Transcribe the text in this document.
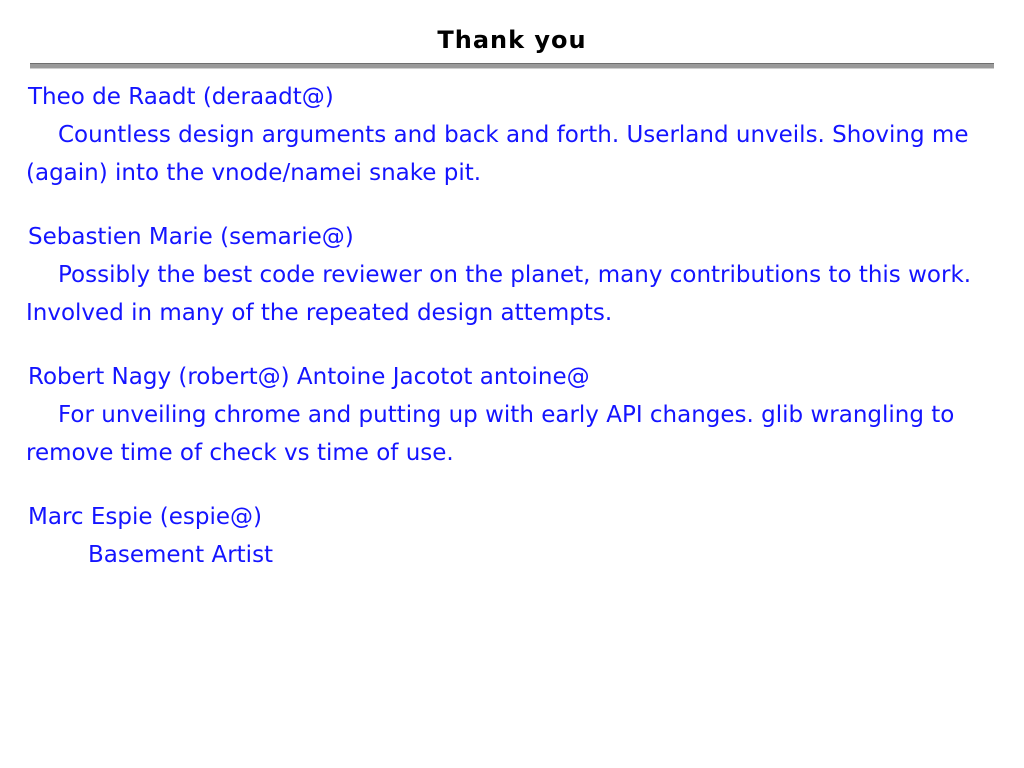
Thank you
Theo de Raadt (deraadt@)
Countless design arguments and back and forth. Userland unveils. Shoving me (again) into the vnode/namei snake pit.
Sebastien Marie (semarie@)
Possibly the best code reviewer on the planet, many contributions to this work. Involved in many of the repeated design attempts.
Robert Nagy (robert@) Antoine Jacotot antoine@
For unveiling chrome and putting up with early API changes. glib wrangling to remove time of check vs time of use.
Marc Espie (espie@)
Basement Artist
